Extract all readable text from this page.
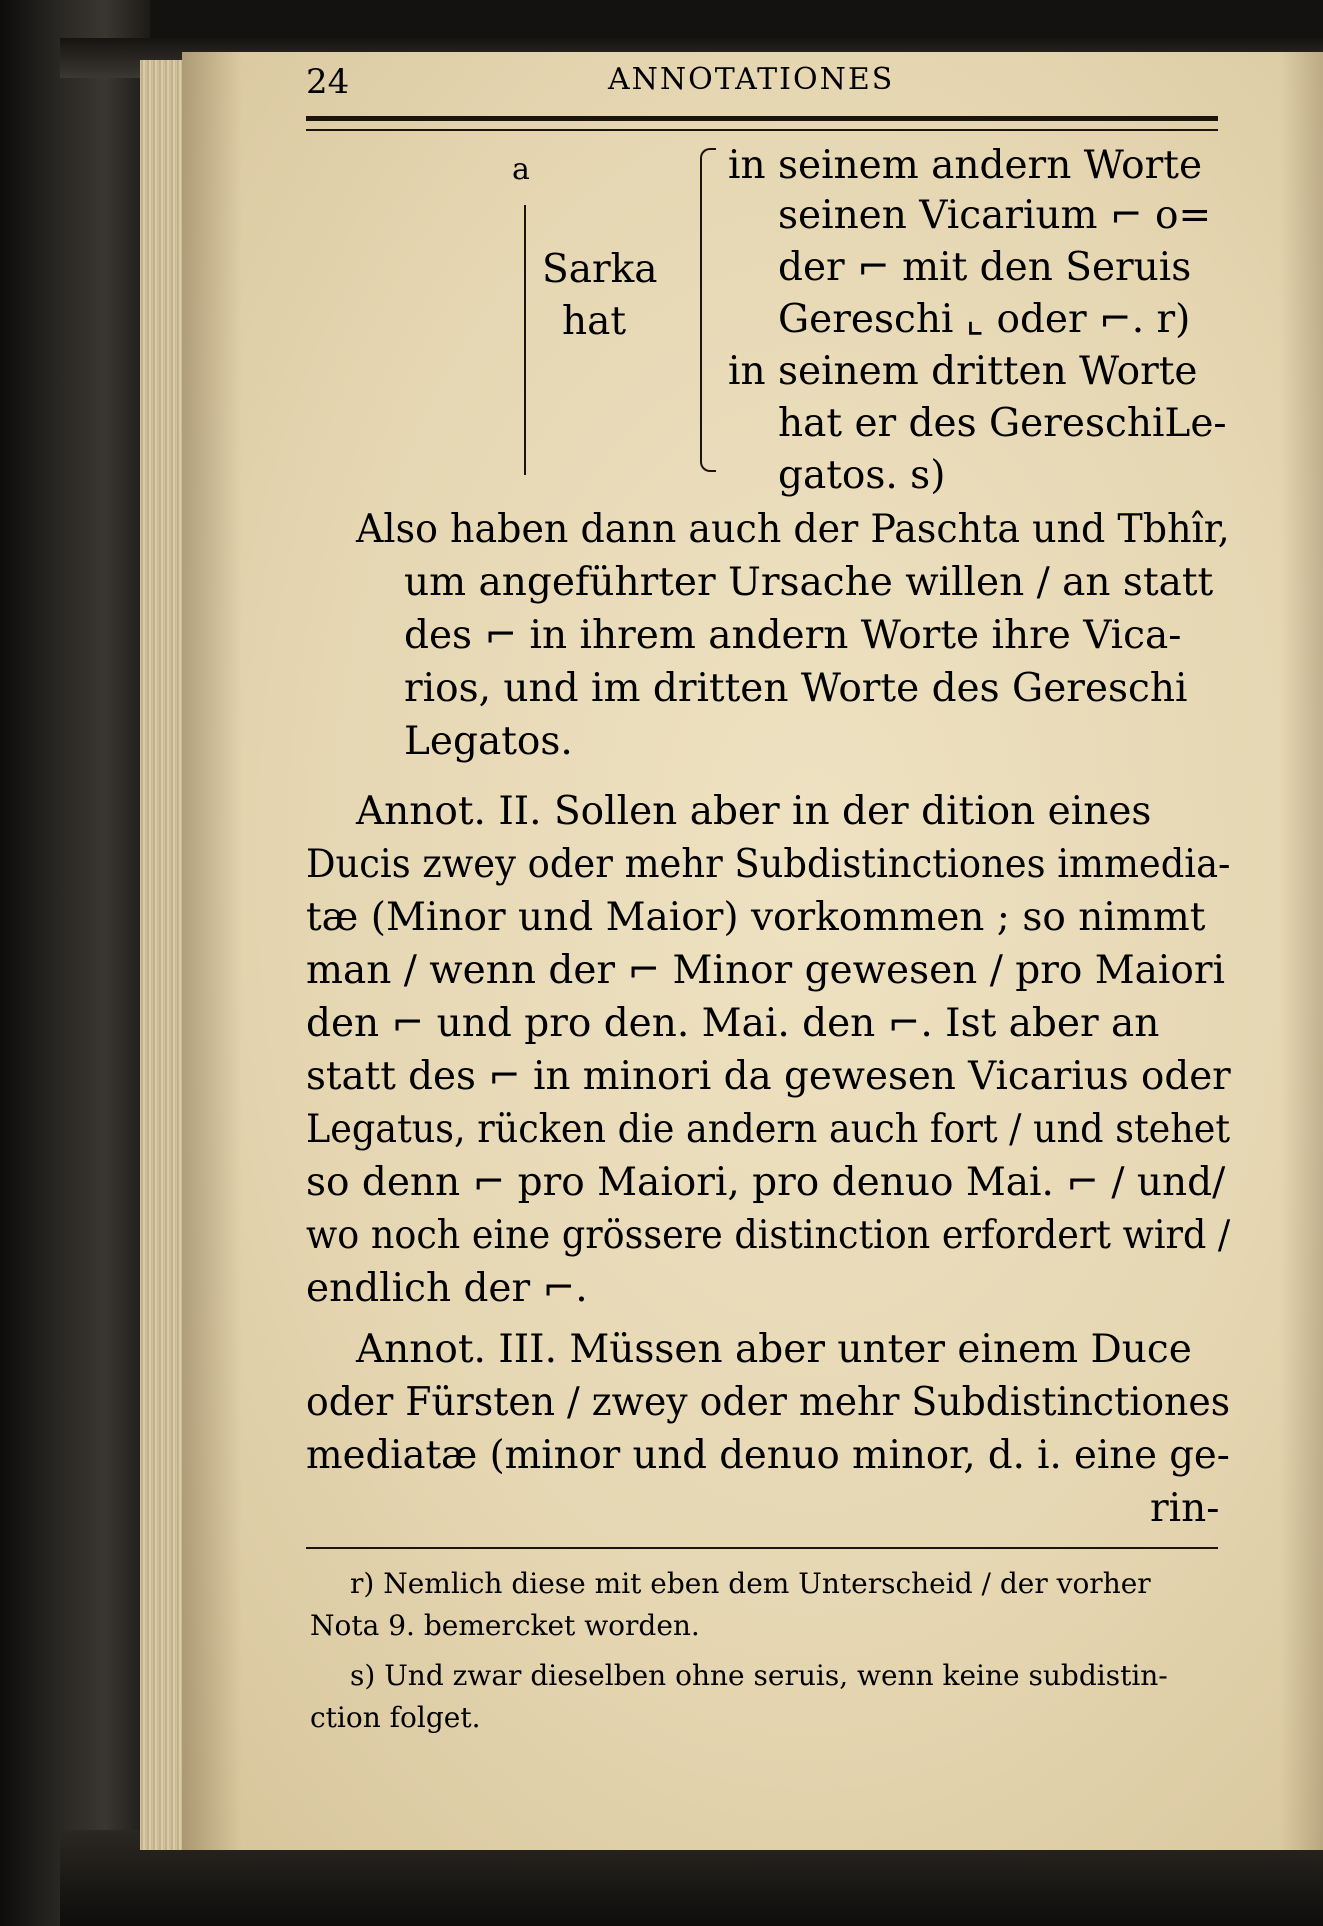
24	ANNOTATIONES
a
Sarka
hat
in seinem andern Worte
seinen Vicarium ⌐ o=
der ⌐ mit den Seruis
Gereschi ⌞ oder ⌐. r)
in seinem dritten Worte
hat er des GereschiLe-
gatos. s)
Also haben dann auch der Paschta und Tbhîr,
um angeführter Ursache willen / an statt
des ⌐ in ihrem andern Worte ihre Vica-
rios, und im dritten Worte des Gereschi
Legatos.
Annot. II. Sollen aber in der dition eines
Ducis zwey oder mehr Subdistinctiones immedia-
tæ (Minor und Maior) vorkommen ; so nimmt
man / wenn der ⌐ Minor gewesen / pro Maiori
den ⌐ und pro den. Mai. den ⌐. Ist aber an
statt des ⌐ in minori da gewesen Vicarius oder
Legatus, rücken die andern auch fort / und stehet
so denn ⌐ pro Maiori, pro denuo Mai. ⌐ / und/
wo noch eine grössere distinction erfordert wird /
endlich der ⌐.
Annot. III. Müssen aber unter einem Duce
oder Fürsten / zwey oder mehr Subdistinctiones
mediatæ (minor und denuo minor, d. i. eine ge-
rin-
r) Nemlich diese mit eben dem Unterscheid / der vorher
Nota 9. bemercket worden.
s) Und zwar dieselben ohne seruis, wenn keine subdistin-
ction folget.
